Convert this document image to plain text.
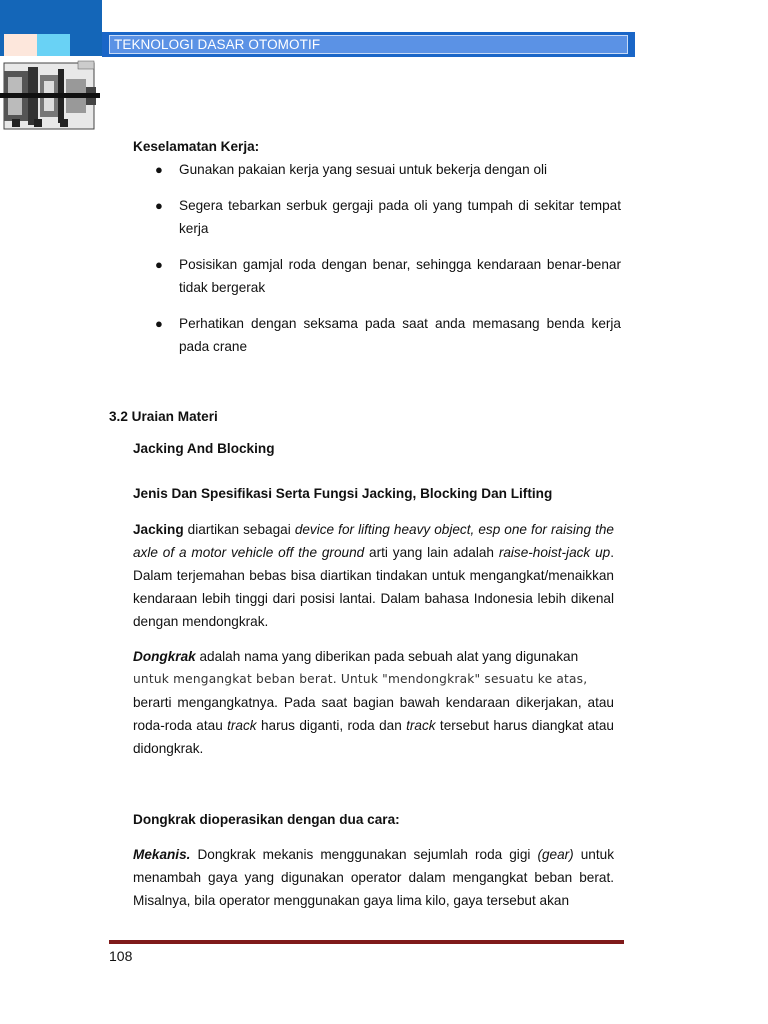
TEKNOLOGI DASAR OTOMOTIF
Keselamatan Kerja:
● Gunakan pakaian kerja yang sesuai untuk bekerja dengan oli
● Segera tebarkan serbuk gergaji pada oli yang tumpah di sekitar tempat kerja
● Posisikan gamjal roda dengan benar, sehingga kendaraan benar-benar tidak bergerak
● Perhatikan dengan seksama pada saat anda memasang benda kerja pada crane
3.2 Uraian Materi
Jacking And Blocking
Jenis Dan Spesifikasi Serta Fungsi Jacking, Blocking Dan Lifting

Jacking diartikan sebagai device for lifting heavy object, esp one for raising the axle of a motor vehicle off the ground arti yang lain adalah raise-hoist-jack up. Dalam terjemahan bebas bisa diartikan tindakan untuk mengangkat/menaikkan kendaraan lebih tinggi dari posisi lantai. Dalam bahasa Indonesia lebih dikenal dengan mendongkrak.

Dongkrak adalah nama yang diberikan pada sebuah alat yang digunakan

untuk mengangkat beban berat. Untuk "mendongkrak" sesuatu ke atas,

berarti mengangkatnya. Pada saat bagian bawah kendaraan dikerjakan, atau roda-roda atau track harus diganti, roda dan track tersebut harus diangkat atau didongkrak.

Dongkrak dioperasikan dengan dua cara:

Mekanis. Dongkrak mekanis menggunakan sejumlah roda gigi (gear) untuk menambah gaya yang digunakan operator dalam mengangkat beban berat. Misalnya, bila operator menggunakan gaya lima kilo, gaya tersebut akan

108
